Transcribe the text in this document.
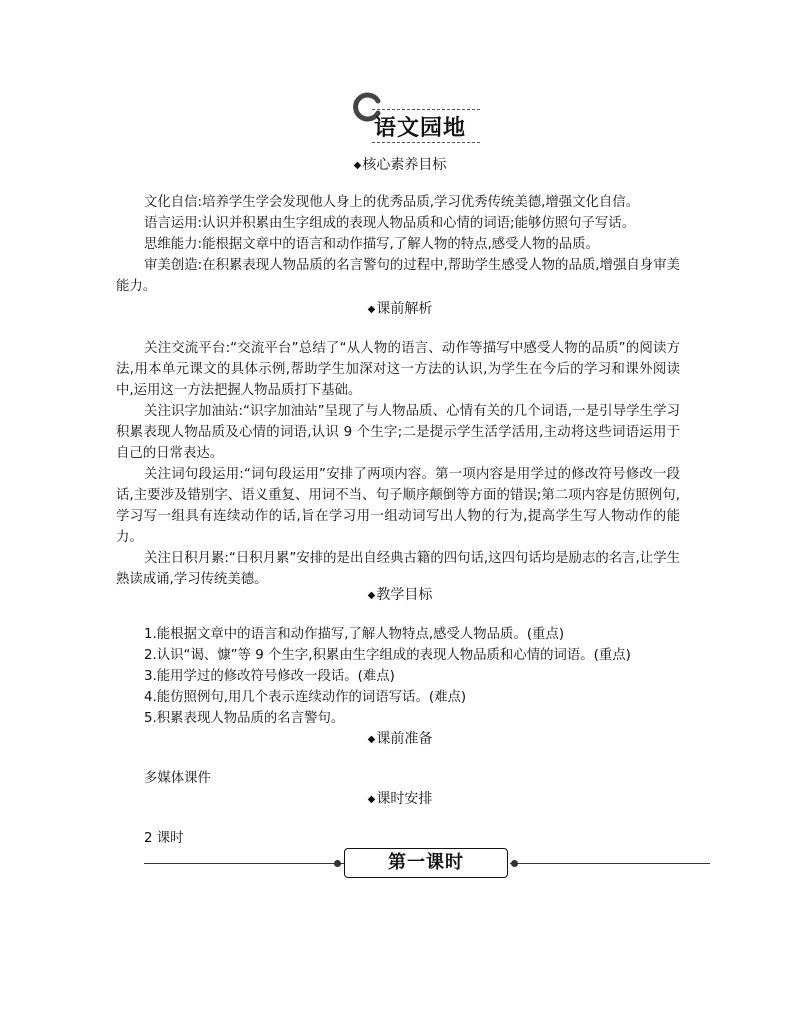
语文园地
◆核心素养目标

文化自信:培养学生学会发现他人身上的优秀品质,学习优秀传统美德,增强文化自信。

语言运用:认识并积累由生字组成的表现人物品质和心情的词语;能够仿照句子写话。

思维能力:能根据文章中的语言和动作描写,了解人物的特点,感受人物的品质。

审美创造:在积累表现人物品质的名言警句的过程中,帮助学生感受人物的品质,增强自身审美能力。

◆课前解析

关注交流平台:“交流平台”总结了“从人物的语言、动作等描写中感受人物的品质”的阅读方法,用本单元课文的具体示例,帮助学生加深对这一方法的认识,为学生在今后的学习和课外阅读中,运用这一方法把握人物品质打下基础。

关注识字加油站:“识字加油站”呈现了与人物品质、心情有关的几个词语,一是引导学生学习积累表现人物品质及心情的词语,认识 9 个生字;二是提示学生活学活用,主动将这些词语运用于自己的日常表达。

关注词句段运用:“词句段运用”安排了两项内容。第一项内容是用学过的修改符号修改一段话,主要涉及错别字、语义重复、用词不当、句子顺序颠倒等方面的错误;第二项内容是仿照例句,学习写一组具有连续动作的话,旨在学习用一组动词写出人物的行为,提高学生写人物动作的能力。

关注日积月累:“日积月累”安排的是出自经典古籍的四句话,这四句话均是励志的名言,让学生熟读成诵,学习传统美德。

◆教学目标

1.能根据文章中的语言和动作描写,了解人物特点,感受人物品质。(重点)

2.认识“谒、慷”等 9 个生字,积累由生字组成的表现人物品质和心情的词语。(重点)

3.能用学过的修改符号修改一段话。(难点)

4.能仿照例句,用几个表示连续动作的词语写话。(难点)

5.积累表现人物品质的名言警句。

◆课前准备

多媒体课件

◆课时安排

2 课时

第一课时
